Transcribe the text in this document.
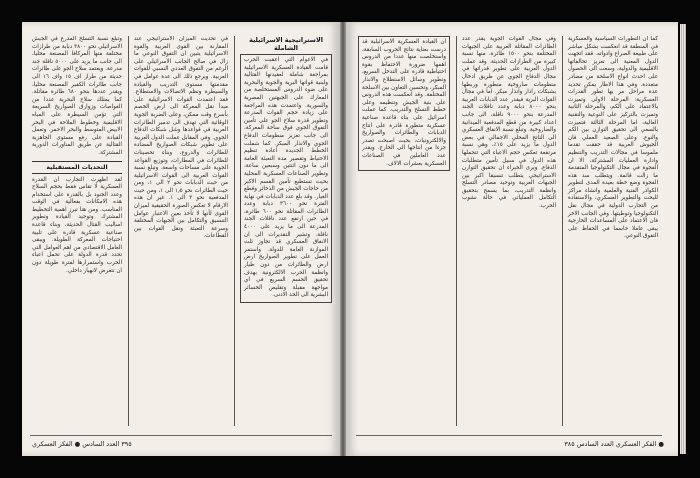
وتبلغ نسبة التسلح المدرع في الجيش الاسرائيلي نحو ٣٨٠٠ دبابة من طرازات مختلفة منها المركافا المصنعة محليا، الى جانب ما يزيد على ٥٠٠٠ ناقلة جند مدرعة. ويعتمد سلاح الجو على طائرات حديثة من طراز اف ١٥ واف ١٦ الى جانب طائرات الكفير المصنعة محليا، ويقدر عددها بنحو ٦٨٠ طائرة مقاتلة. كما يمتلك سلاح البحرية عددا من الغواصات وزوارق الصواريخ السريعة التي تؤمن السيطرة على المياه الاقليمية وخطوط الملاحة في البحر الابيض المتوسط والبحر الاحمر. وتعمل القيادة على رفع مستوى الجاهزية القتالية عن طريق المناورات الدورية المشتركة.

التحديات المستقبلية

لقد اظهرت التجارب ان القدرة العسكرية لا تقاس فقط بحجم السلاح وعدد الجنود بل بالقدرة على استخدام هذه الامكانات بفعالية في الوقت المناسب. ومن هنا تبرز اهمية التخطيط المشترك وتوحيد القيادة وتطوير اساليب القتال الحديثة، وبناء قاعدة صناعية عسكرية قادرة على تلبية احتياجات المعركة الطويلة. ويبقى العامل الاقتصادي من اهم العوامل التي تحدد قدرة الدولة على تحمل اعباء الحرب واستمرارها لفترة طويلة دون ان تتعرض لانهيار داخلي.

في تحديث الميزان الاستراتيجي عند المقارنة بين القوى العربية والقوة الاسرائيلية يتبين ان التفوق النوعي ما زال في صالح الجانب الاسرائيلي على الرغم من التفوق العددي النسبي للقوات العربية. ويرجع ذلك الى عدة عوامل في مقدمتها مستوى التدريب والقيادة والسيطرة ونظم الاتصالات والاستطلاع. فقد اعتمدت القوات الاسرائيلية على مبدأ نقل المعركة الى ارض الخصم بأسرع وقت ممكن، وعلى الضربة الجوية الوقائية التي تهدف الى تدمير الطائرات العربية في قواعدها وشل شبكات الدفاع الجوي. وفي المقابل عملت الدول العربية على تطوير شبكات الصواريخ المضادة للطائرات والدروع، وبناء تحصينات للطائرات في المطارات، وتوزيع القواعد الجوية على مساحات واسعة. وتبلغ نسبة القوات العربية الى القوات الاسرائيلية من حيث الدبابات نحو ٢ الى ١، ومن حيث الطائرات نحو ١٫٥ الى ١، ومن حيث المدفعية نحو ٣ الى ١. غير ان هذه الارقام لا تعكس الصورة الحقيقية لميزان القوى لأنها لا تأخذ بعين الاعتبار عوامل التنسيق والتكامل بين الجبهات المختلفة وسرعة التعبئة ونقل القوات بين القطاعات.

الاستراتيجية الاسرائيلية الشاملة

في الاعوام التي اعقبت الحرب قامت القيادة العسكرية الاسرائيلية بمراجعة شاملة لعقيدتها القتالية ولبنية قواتها البرية والجوية والبحرية على ضوء الدروس المستخلصة من المعارك على الجبهتين المصرية والسورية. واعتمدت هذه المراجعة على زيادة حجم القوات المدرعة وتطوير قدرة سلاح الجو على تأمين التفوق الجوي فوق ساحة المعركة، الى جانب تعزيز منظومات الدفاع الجوي والانذار المبكر. كما شملت الخطط الجديدة اعادة تنظيم الاحتياط وتقصير مدة التعبئة العامة الى ما دون اثنتين وسبعين ساعة، وتطوير الصناعات العسكرية المحلية بحيث تستطيع تأمين القسم الاكبر من حاجات الجيش من الذخائر وقطع الغيار. وقد بلغ عدد الدبابات في نهاية الفترة نحو ٣٦٠٠ دبابة وعدد الطائرات المقاتلة نحو ٦٠٠ طائرة، في حين ارتفع عدد ناقلات الجند المدرعة الى ما يزيد على ٤٠٠٠ ناقلة. وتشير التقديرات الى ان الانفاق العسكري قد تجاوز ثلث الموازنة العامة للدولة. واستمر العمل على تطوير الصواريخ ارض ارض والطائرات من دون طيار وانظمة الحرب الالكترونية بهدف تحقيق الحسم السريع في اي مواجهة مقبلة وتقليص الخسائر البشرية الى الحد الادنى.

٣٩٥ العدد السادس ● الفكر العسكري

ان القيادة العسكرية الاسرائيلية قد درست بعناية نتائج الحروب السابقة، واستخلصت منها عددا من الدروس اهمها ضرورة الاحتفاظ بقوة احتياطية قادرة على التدخل السريع، وتطوير وسائل الاستطلاع والانذار المبكر، وتحسين التعاون بين الاسلحة المختلفة. وقد انعكست هذه الدروس على بنية الجيش وتنظيمه وعلى خطط التسلح والتدريب. كما عملت اسرائيل على بناء قاعدة صناعية عسكرية متطورة قادرة على انتاج الدبابات والطائرات والصواريخ والالكترونيات، بحيث اصبحت تصدر جزءا من انتاجها الى الخارج. ويقدر عدد العاملين في الصناعات العسكرية بعشرات الالاف.

وفي مجال القوات الجوية يقدر عدد الطائرات المقاتلة العربية على الجبهات المختلفة بنحو ١٥٠٠ طائرة، منها نسبة كبيرة من الطرازات الحديثة. وقد عملت الدول العربية على تطوير قدراتها في مجال الدفاع الجوي عن طريق ادخال منظومات صاروخية متطورة وربطها بشبكات رادار وانذار مبكر. اما في مجال القوات البرية فيقدر عدد الدبابات العربية بنحو ٨٠٠٠ دبابة وعدد ناقلات الجند المدرعة بنحو ٩٠٠٠ ناقلة، الى جانب اعداد كبيرة من قطع المدفعية الميدانية والصاروخية. وتبلغ نسبة الانفاق العسكري الى الناتج المحلي الاجمالي في بعض الدول ما يزيد على ١٥٪، وهي نسبة مرتفعة تعكس حجم الاعباء التي تتحملها هذه الدول في سبيل تأمين متطلبات الدفاع. ويرى الخبراء ان تحقيق التوازن الاستراتيجي يتطلب تنسيقا اكبر بين الجبهات العربية وتوحيد مصادر التسلح وانظمة التدريب، بما يسمح بتحقيق التكامل العملياتي في حالة نشوب الحرب.

كما ان التطورات السياسية والعسكرية في المنطقة قد انعكست بشكل مباشر على طبيعة الصراع وادواته. فقد اتجهت الدول المعنية الى تعزيز تحالفاتها الاقليمية والدولية، وسعت الى الحصول على احدث انواع الاسلحة من مصادر متعددة. وفي هذا الاطار يمكن تحديد عدة مراحل مر بها تطور القدرات العسكرية: المرحلة الاولى وتميزت بالاعتماد على الكم، والمرحلة الثانية وتميزت بالتركيز على النوعية والتقنية العالية، اما المرحلة الثالثة فتميزت بالسعي الى تحقيق التوازن بين الكم والنوع. وعلى الصعيد العملي فان الجيوش العربية قد حققت تقدما ملموسا في مجالات التدريب والتنظيم وادارة العمليات المشتركة، الا ان الفجوة في مجال التكنولوجيا المتقدمة ما زالت قائمة. ويتطلب سد هذه الفجوة وضع خطة بعيدة المدى لتطوير الكوادر الفنية والعلمية وانشاء مراكز للبحث والتطوير العسكري، والاستفادة من التجارب الدولية في مجال نقل التكنولوجيا وتوطينها. وفي الجانب الاخر فان الاعتماد على المساعدات الخارجية يبقى عاملا حاسما في الحفاظ على التفوق النوعي.

● الفكر العسكري العدد السادس ٣٨٥
